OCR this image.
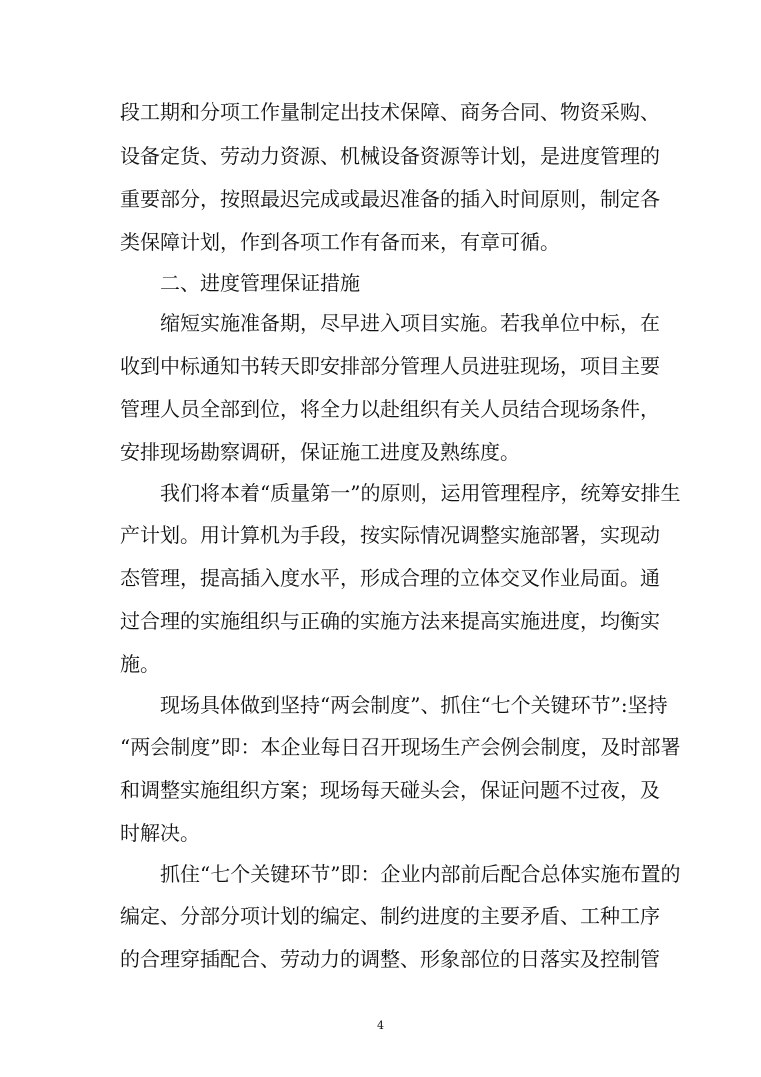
段工期和分项工作量制定出技术保障、商务合同、物资采购、
设备定货、劳动力资源、机械设备资源等计划，是进度管理的
重要部分，按照最迟完成或最迟准备的插入时间原则，制定各
类保障计划，作到各项工作有备而来，有章可循。
二、进度管理保证措施
缩短实施准备期，尽早进入项目实施。若我单位中标，在
收到中标通知书转天即安排部分管理人员进驻现场，项目主要
管理人员全部到位，将全力以赴组织有关人员结合现场条件，
安排现场勘察调研，保证施工进度及熟练度。
我们将本着“质量第一”的原则，运用管理程序，统筹安排生
产计划。用计算机为手段，按实际情况调整实施部署，实现动
态管理，提高插入度水平，形成合理的立体交叉作业局面。通
过合理的实施组织与正确的实施方法来提高实施进度，均衡实
施。
现场具体做到坚持“两会制度”、抓住“七个关键环节”:坚持
“两会制度”即：本企业每日召开现场生产会例会制度，及时部署
和调整实施组织方案；现场每天碰头会，保证问题不过夜，及
时解决。
抓住“七个关键环节”即：企业内部前后配合总体实施布置的
编定、分部分项计划的编定、制约进度的主要矛盾、工种工序
的合理穿插配合、劳动力的调整、形象部位的日落实及控制管
4
